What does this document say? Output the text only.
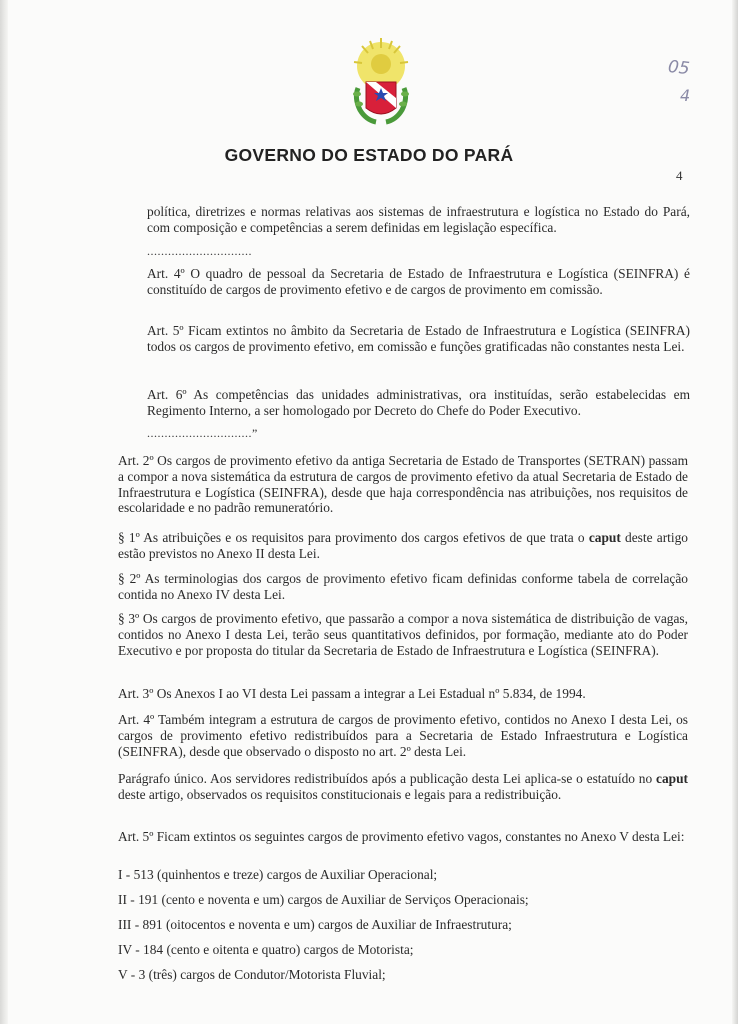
GOVERNO DO ESTADO DO PARÁ
4
05
4

política, diretrizes e normas relativas aos sistemas de infraestrutura e logística no Estado do Pará, com composição e competências a serem definidas em legislação específica.

..............................

Art. 4º O quadro de pessoal da Secretaria de Estado de Infraestrutura e Logística (SEINFRA) é constituído de cargos de provimento efetivo e de cargos de provimento em comissão.

Art. 5º Ficam extintos no âmbito da Secretaria de Estado de Infraestrutura e Logística (SEINFRA) todos os cargos de provimento efetivo, em comissão e funções gratificadas não constantes nesta Lei.

Art. 6º As competências das unidades administrativas, ora instituídas, serão estabelecidas em Regimento Interno, a ser homologado por Decreto do Chefe do Poder Executivo.

..............................”

Art. 2º Os cargos de provimento efetivo da antiga Secretaria de Estado de Transportes (SETRAN) passam a compor a nova sistemática da estrutura de cargos de provimento efetivo da atual Secretaria de Estado de Infraestrutura e Logística (SEINFRA), desde que haja correspondência nas atribuições, nos requisitos de escolaridade e no padrão remuneratório.

§ 1º As atribuições e os requisitos para provimento dos cargos efetivos de que trata o caput deste artigo estão previstos no Anexo II desta Lei.

§ 2º As terminologias dos cargos de provimento efetivo ficam definidas conforme tabela de correlação contida no Anexo IV desta Lei.

§ 3º Os cargos de provimento efetivo, que passarão a compor a nova sistemática de distribuição de vagas, contidos no Anexo I desta Lei, terão seus quantitativos definidos, por formação, mediante ato do Poder Executivo e por proposta do titular da Secretaria de Estado de Infraestrutura e Logística (SEINFRA).

Art. 3º Os Anexos I ao VI desta Lei passam a integrar a Lei Estadual nº 5.834, de 1994.

Art. 4º Também integram a estrutura de cargos de provimento efetivo, contidos no Anexo I desta Lei, os cargos de provimento efetivo redistribuídos para a Secretaria de Estado Infraestrutura e Logística (SEINFRA), desde que observado o disposto no art. 2º desta Lei.

Parágrafo único. Aos servidores redistribuídos após a publicação desta Lei aplica-se o estatuído no caput deste artigo, observados os requisitos constitucionais e legais para a redistribuição.

Art. 5º Ficam extintos os seguintes cargos de provimento efetivo vagos, constantes no Anexo V desta Lei:

I - 513 (quinhentos e treze) cargos de Auxiliar Operacional;

II - 191 (cento e noventa e um) cargos de Auxiliar de Serviços Operacionais;

III - 891 (oitocentos e noventa e um) cargos de Auxiliar de Infraestrutura;

IV - 184 (cento e oitenta e quatro) cargos de Motorista;

V - 3 (três) cargos de Condutor/Motorista Fluvial;
